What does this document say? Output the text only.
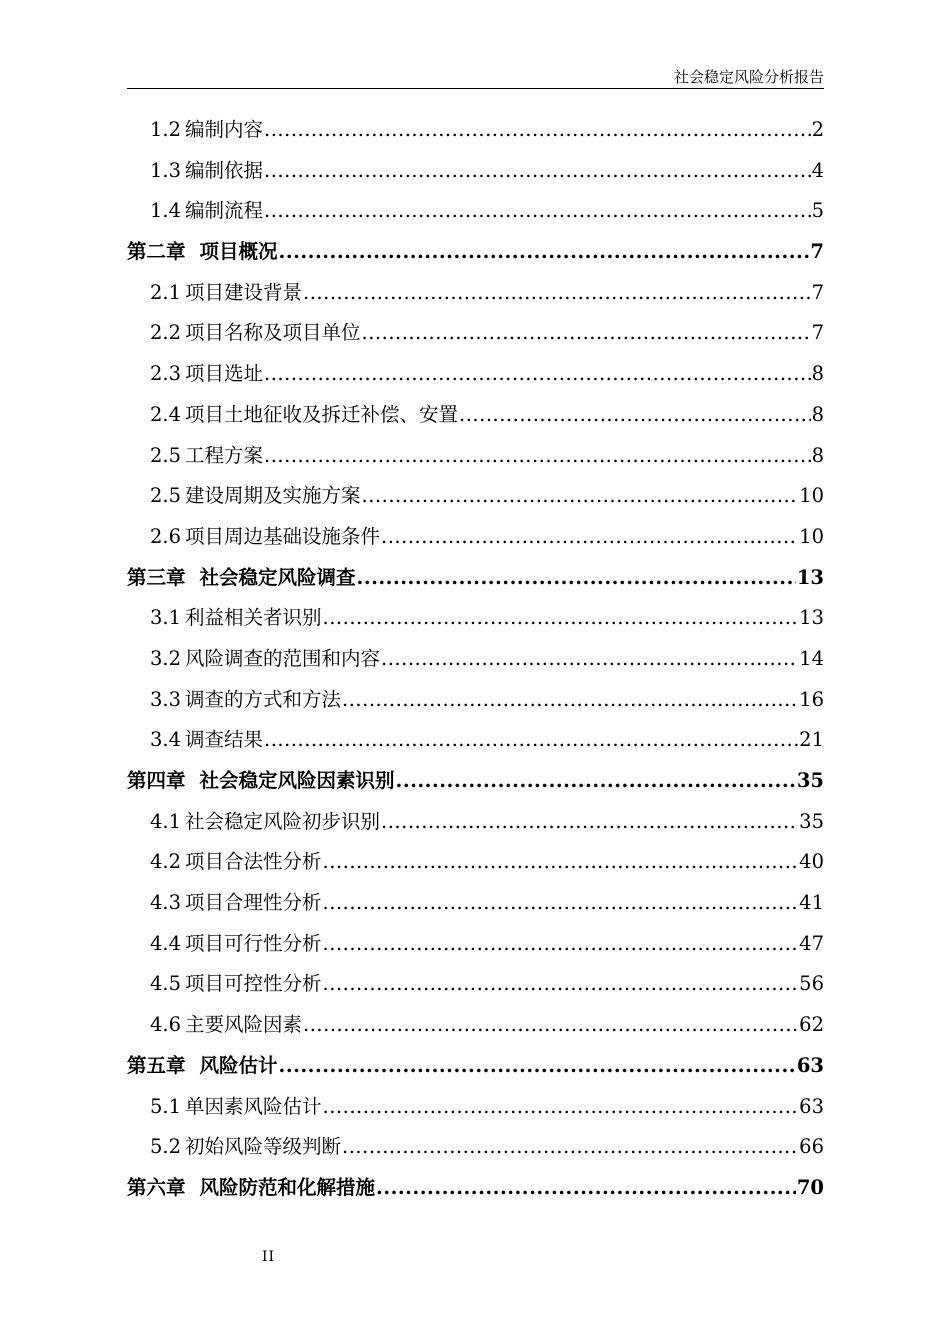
社会稳定风险分析报告
1.2 编制内容 .....	2
1.3 编制依据 .....	4
1.4 编制流程 .....	5
第二章 项目概况 .....	7
2.1 项目建设背景 .....	7
2.2 项目名称及项目单位 .....	7
2.3 项目选址 .....	8
2.4 项目土地征收及拆迁补偿、安置 .....	8
2.5 工程方案 .....	8
2.5 建设周期及实施方案 .....	10
2.6 项目周边基础设施条件 .....	10
第三章 社会稳定风险调查 .....	13
3.1 利益相关者识别 .....	13
3.2 风险调查的范围和内容 .....	14
3.3 调查的方式和方法 .....	16
3.4 调查结果 .....	21
第四章 社会稳定风险因素识别 .....	35
4.1 社会稳定风险初步识别 .....	35
4.2 项目合法性分析 .....	40
4.3 项目合理性分析 .....	41
4.4 项目可行性分析 .....	47
4.5 项目可控性分析 .....	56
4.6 主要风险因素 .....	62
第五章 风险估计 .....	63
5.1 单因素风险估计 .....	63
5.2 初始风险等级判断 .....	66
第六章 风险防范和化解措施 .....	70
II
